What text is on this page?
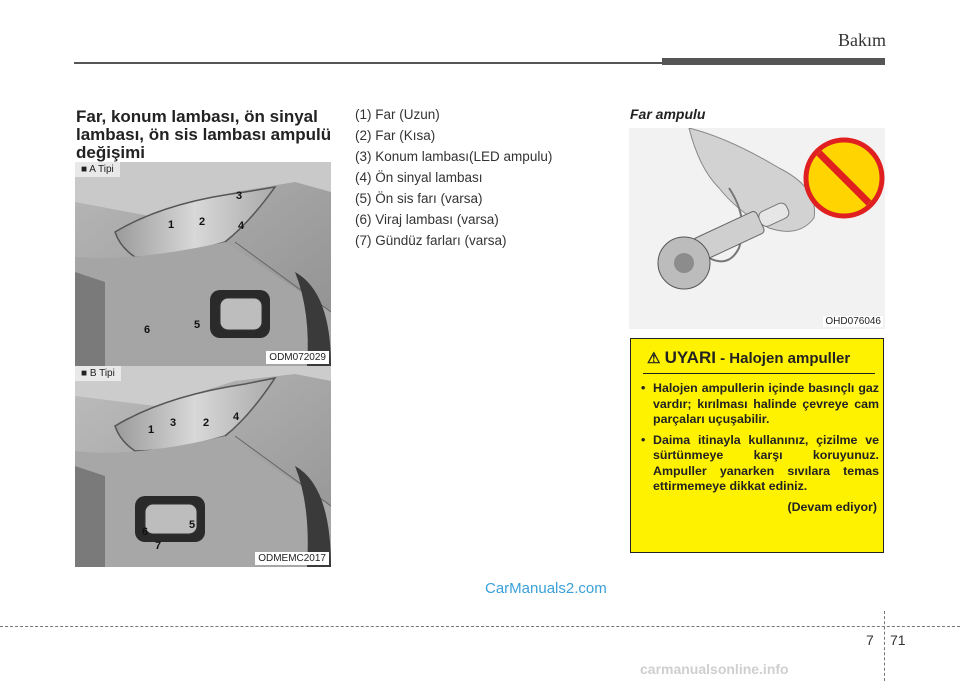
Bakım
Far, konum lambası, ön sinyal lambası, ön sis lambası ampulü değişimi
■ A Tipi
1 2
3
4
5
6
ODM072029
■ B Tipi
1
2
3	4
5
6
7
ODMEMC2017
(1) Far (Uzun)
(2) Far (Kısa)
(3) Konum lambası(LED ampulu)
(4) Ön sinyal lambası
(5) Ön sis farı (varsa)
(6) Viraj lambası (varsa)
(7) Gündüz farları (varsa)
Far ampulu
OHD076046
⚠ UYARI - Halojen ampuller
• Halojen ampullerin içinde basınçlı gaz vardır; kırılması halinde çevreye cam parçaları uçuşabilir.
• Daima itinayla kullanınız, çizilme ve sürtünmeye karşı koruyunuz. Ampuller yanarken sıvılara temas ettirmemeye dikkat ediniz.
(Devam ediyor)
CarManuals2.com
7 71
carmanualsonline.info
